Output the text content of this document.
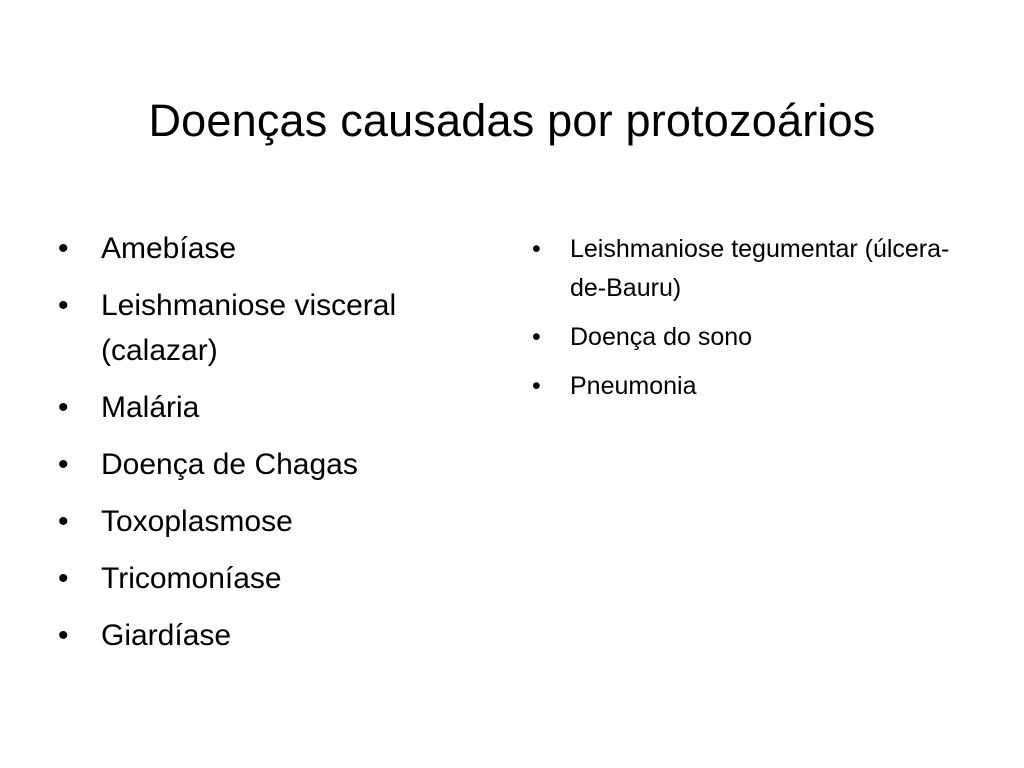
Doenças causadas por protozoários
• Amebíase
• Leishmaniose visceral (calazar)
• Malária
• Doença de Chagas
• Toxoplasmose
• Tricomoníase
• Giardíase
• Leishmaniose tegumentar (úlcera-de-Bauru)
• Doença do sono
• Pneumonia
